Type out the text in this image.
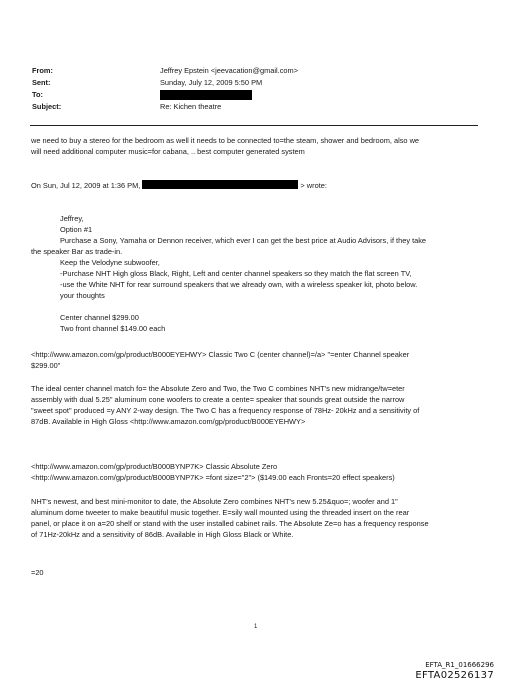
From:	Jeffrey Epstein <jeevacation@gmail.com>
Sent:	Sunday, July 12, 2009 5:50 PM
To:
Subject:	Re: Kichen theatre
we need to buy a stereo for the bedroom as well it needs to be connected to=the steam, shower and bedroom, also we
will need additional computer music=for cabana, .. best computer generated system
On Sun, Jul 12, 2009 at 1:36 PM,	> wrote:
Jeffrey,
Option #1
Purchase a Sony, Yamaha or Dennon receiver, which ever I can get the best price at Audio Advisors, if they take
the speaker Bar as trade-in.
Keep the Velodyne subwoofer,
-Purchase NHT High gloss Black, Right, Left and center channel speakers so they match the flat screen TV,
-use the White NHT for rear surround speakers that we already own, with a wireless speaker kit, photo below.
your thoughts
Center channel $299.00
Two front channel $149.00 each
<http://www.amazon.com/gp/product/B000EYEHWY> Classic Two C (center channel)=/a> "=enter Channel speaker
$299.00"
The ideal center channel match fo= the Absolute Zero and Two, the Two C combines NHT's new midrange/tw=eter
assembly with dual 5.25" aluminum cone woofers to create a cente= speaker that sounds great outside the narrow
"sweet spot" produced =y ANY 2-way design. The Two C has a frequency response of 78Hz- 20kHz and a sensitivity of
87dB. Available in High Gloss <http://www.amazon.com/gp/product/B000EYEHWY>
<http://www.amazon.com/gp/product/B000BYNP7K> Classic Absolute Zero
<http://www.amazon.com/gp/product/B000BYNP7K> =font size="2"> ($149.00 each Fronts=20 effect speakers)
NHT's newest, and best mini-monitor to date, the Absolute Zero combines NHT's new 5.25&quo=; woofer and 1"
aluminum dome tweeter to make beautiful music together. E=sily wall mounted using the threaded insert on the rear
panel, or place it on a=20 shelf or stand with the user installed cabinet rails. The Absolute Ze=o has a frequency response
of 71Hz-20kHz and a sensitivity of 86dB. Available in High Gloss Black or White.
=20
1
EFTA_R1_01666296
EFTA02526137
